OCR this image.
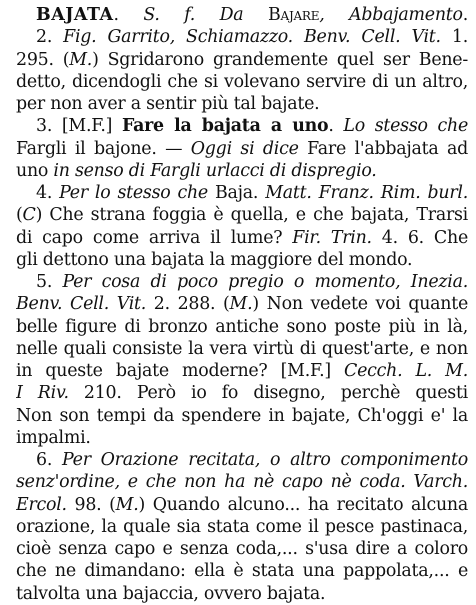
BAJATA. S. f. Da Bajare, Abbajamento.
2. Fig. Garrito, Schiamazzo. Benv. Cell. Vit. 1.
295. (M.) Sgridarono grandemente quel ser Bene-
detto, dicendogli che si volevano servire di un altro,
per non aver a sentir più tal bajate.
3. [M.F.] Fare la bajata a uno. Lo stesso che
Fargli il bajone. — Oggi si dice Fare l'abbajata ad
uno in senso di Fargli urlacci di dispregio.
4. Per lo stesso che Baja. Matt. Franz. Rim. burl.
(C) Che strana foggia è quella, e che bajata, Trarsi
di capo come arriva il lume? Fir. Trin. 4. 6. Che
gli dettono una bajata la maggiore del mondo.
5. Per cosa di poco pregio o momento, Inezia.
Benv. Cell. Vit. 2. 288. (M.) Non vedete voi quante
belle figure di bronzo antiche sono poste più in là,
nelle quali consiste la vera virtù di quest'arte, e non
in queste bajate moderne? [M.F.] Cecch. L. M.
I Riv. 210. Però io fo disegno, perchè questi
Non son tempi da spendere in bajate, Ch'oggi e' la
impalmi.
6. Per Orazione recitata, o altro componimento
senz'ordine, e che non ha nè capo nè coda. Varch.
Ercol. 98. (M.) Quando alcuno... ha recitato alcuna
orazione, la quale sia stata come il pesce pastinaca,
cioè senza capo e senza coda,... s'usa dire a coloro
che ne dimandano: ella è stata una pappolata,... e
talvolta una bajaccia, ovvero bajata.
